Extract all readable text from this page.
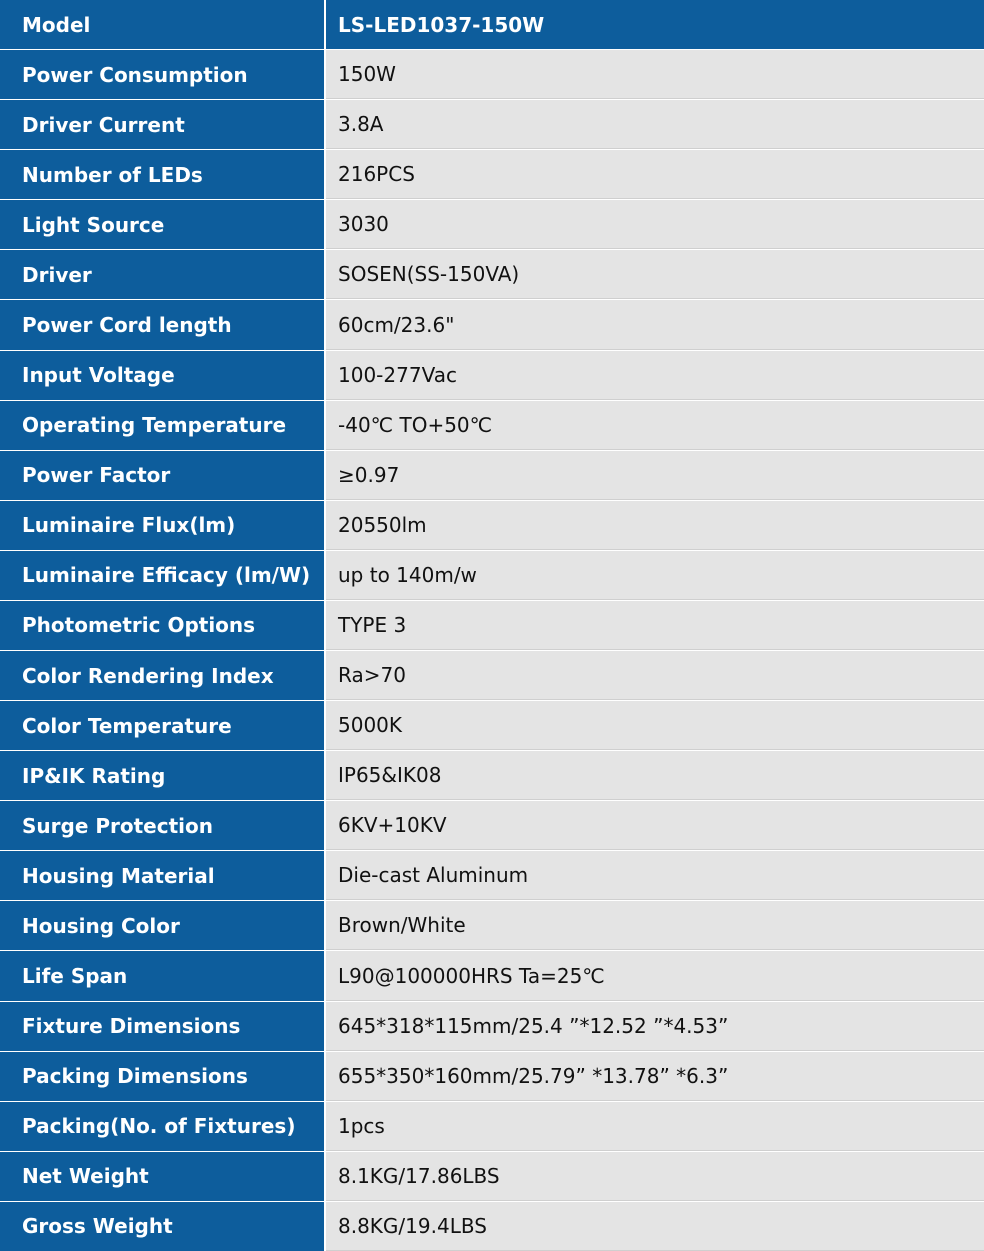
Model	LS-LED1037-150W
Power Consumption	150W
Driver Current	3.8A
Number of LEDs	216PCS
Light Source	3030
Driver	SOSEN(SS-150VA)
Power Cord length	60cm/23.6"
Input Voltage	100-277Vac
Operating Temperature	-40℃ TO+50℃
Power Factor	≥0.97
Luminaire Flux(lm)	20550lm
Luminaire Efficacy (lm/W)	up to 140m/w
Photometric Options	TYPE 3
Color Rendering Index	Ra>70
Color Temperature	5000K
IP&IK Rating	IP65&IK08
Surge Protection	6KV+10KV
Housing Material	Die-cast Aluminum
Housing Color	Brown/White
Life Span	L90@100000HRS Ta=25℃
Fixture Dimensions	645*318*115mm/25.4 ”*12.52 ”*4.53”
Packing Dimensions	655*350*160mm/25.79” *13.78” *6.3”
Packing(No. of Fixtures)	1pcs
Net Weight	8.1KG/17.86LBS
Gross Weight	8.8KG/19.4LBS
